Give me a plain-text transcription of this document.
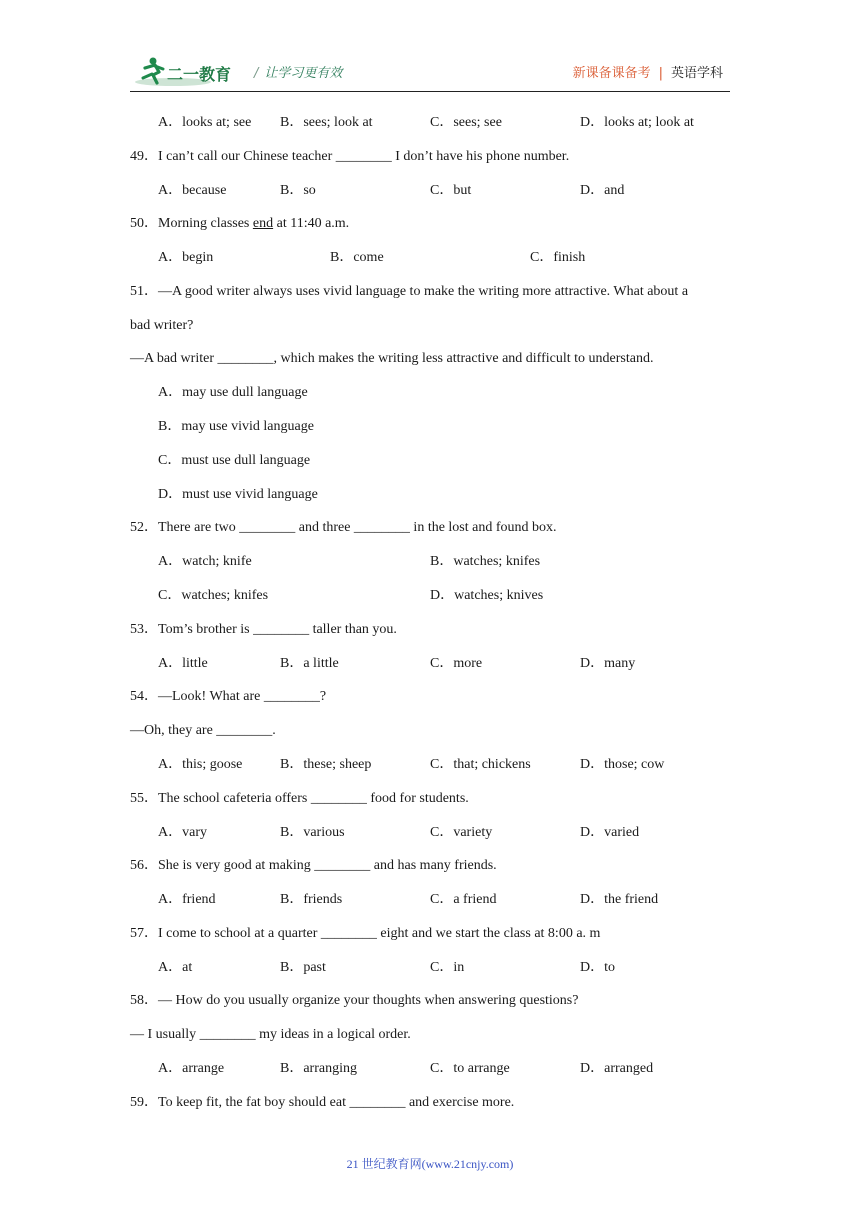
二一教育 / 让学习更有效	新课备课备考 | 英语学科
A．looks at; see B．sees; look at	C．sees; see	D．looks at; look at
49．I can’t call our Chinese teacher ________ I don’t have his phone number.
A．because	B．so	C．but	D．and
50．Morning classes end at 11:40 a.m.
A．begin	B．come	C．finish
51．—A good writer always uses vivid language to make the writing more attractive. What about a
bad writer?
—A bad writer ________, which makes the writing less attractive and difficult to understand.
A．may use dull language
B．may use vivid language
C．must use dull language
D．must use vivid language
52．There are two ________ and three ________ in the lost and found box.
A．watch; knife	B．watches; knifes
C．watches; knifes	D．watches; knives
53．Tom’s brother is ________ taller than you.
A．little	B．a little	C．more	D．many
54．—Look! What are ________?
—Oh, they are ________.
A．this; goose	B．these; sheep	C．that; chickens	D．those; cow
55．The school cafeteria offers ________ food for students.
A．vary	B．various	C．variety	D．varied
56．She is very good at making ________ and has many friends.
A．friend	B．friends	C．a friend	D．the friend
57．I come to school at a quarter ________ eight and we start the class at 8:00 a. m
A．at	B．past	C．in	D．to
58．— How do you usually organize your thoughts when answering questions?
— I usually ________ my ideas in a logical order.
A．arrange	B．arranging	C．to arrange	D．arranged
59．To keep fit, the fat boy should eat ________ and exercise more.
21 世纪教育网(www.21cnjy.com)
